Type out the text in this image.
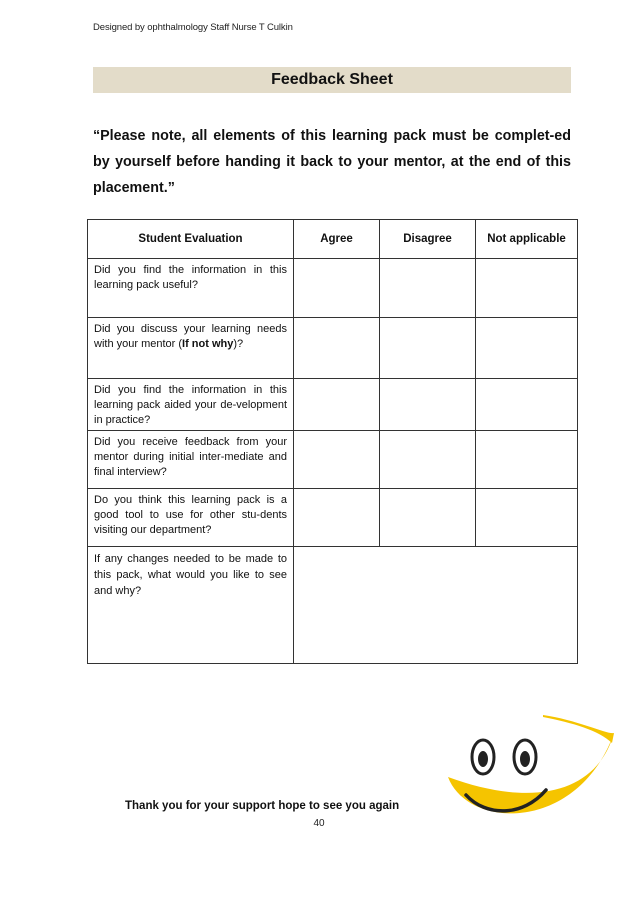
Designed by ophthalmology Staff Nurse T Culkin
Feedback Sheet
“Please note, all elements of this learning pack must be complet-ed by yourself before handing it back to your mentor, at the end of this placement.”
Student Evaluation	Agree	Disagree	Not applicable
Did you find the information in this learning pack useful?			
Did you discuss your learning needs with your mentor (If not why)?			
Did you find the information in this learning pack aided your de-velopment in practice?			
Did you receive feedback from your mentor during initial inter-mediate and final interview?			
Do you think this learning pack is a good tool to use for other stu-dents visiting our department?			
If any changes needed to be made to this pack, what would you like to see and why?			
Thank you for your support hope to see you again
40
